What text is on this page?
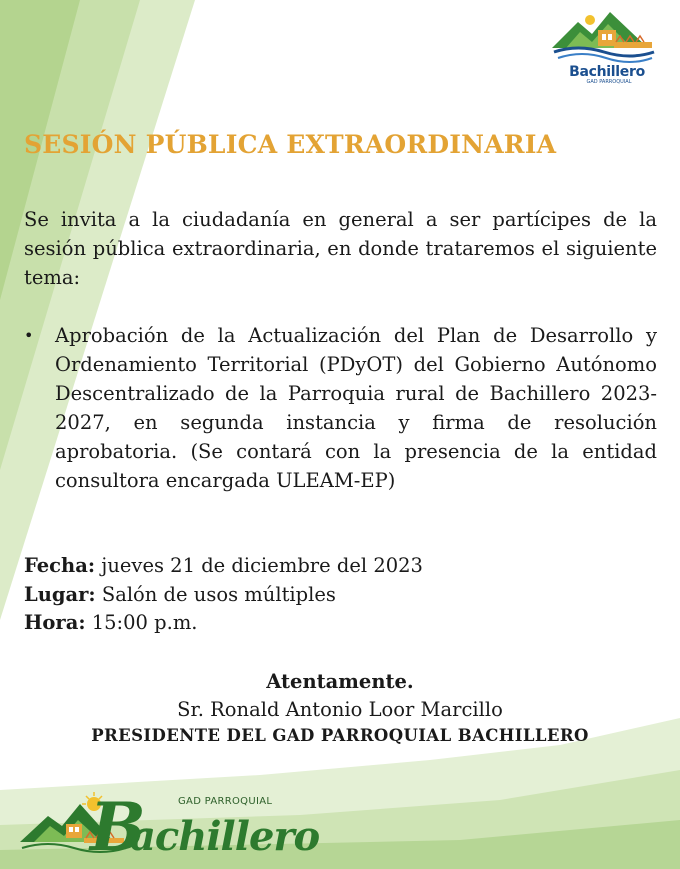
Bachillero
GAD PARROQUIAL
SESIÓN PÚBLICA EXTRAORDINARIA
Se invita a la ciudadanía en general a ser partícipes de la sesión pública extraordinaria, en donde trataremos el siguiente tema:
• Aprobación de la Actualización del Plan de Desarrollo y Ordenamiento Territorial (PDyOT) del Gobierno Autónomo Descentralizado de la Parroquia rural de Bachillero 2023-2027, en segunda instancia y firma de resolución aprobatoria. (Se contará con la presencia de la entidad consultora encargada ULEAM-EP)
Fecha: jueves 21 de diciembre del 2023
Lugar: Salón de usos múltiples
Hora: 15:00 p.m.
Atentamente.
Sr. Ronald Antonio Loor Marcillo
PRESIDENTE DEL GAD PARROQUIAL BACHILLERO
GAD PARROQUIAL
B
achillero
